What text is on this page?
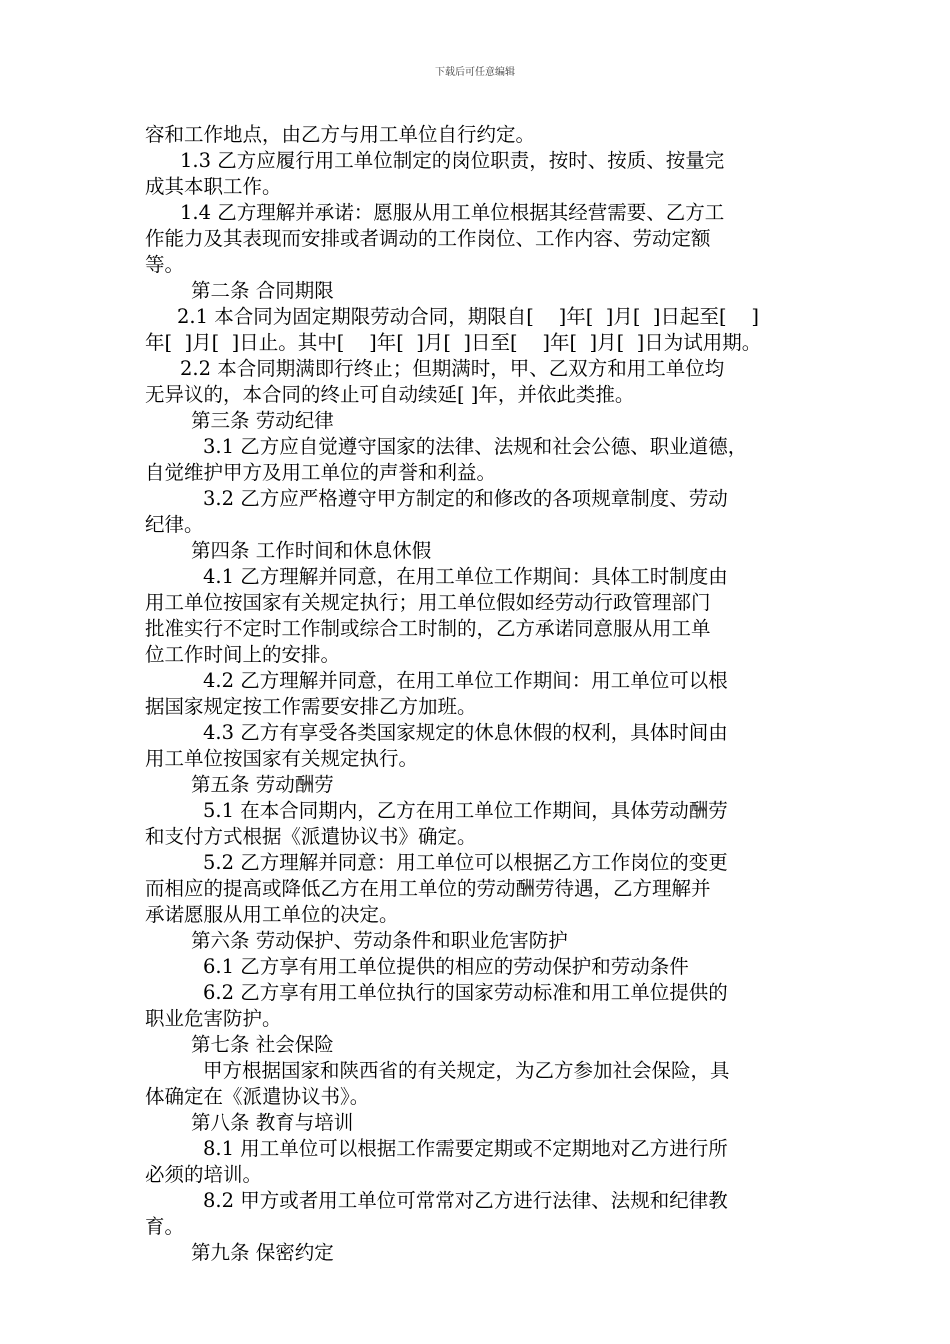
下载后可任意编辑

容和工作地点，由乙方与用工单位自行约定。

1.3 乙方应履行用工单位制定的岗位职责，按时、按质、按量完

成其本职工作。

1.4 乙方理解并承诺：愿服从用工单位根据其经营需要、乙方工

作能力及其表现而安排或者调动的工作岗位、工作内容、劳动定额

等。

第二条 合同期限

2.1 本合同为固定期限劳动合同，期限自[    ]年[  ]月[  ]日起至[    ]

年[  ]月[  ]日止。其中[    ]年[  ]月[  ]日至[    ]年[  ]月[  ]日为试用期。

2.2 本合同期满即行终止；但期满时，甲、乙双方和用工单位均

无异议的，本合同的终止可自动续延[ ]年，并依此类推。

第三条 劳动纪律

3.1 乙方应自觉遵守国家的法律、法规和社会公德、职业道德，

自觉维护甲方及用工单位的声誉和利益。

3.2 乙方应严格遵守甲方制定的和修改的各项规章制度、劳动

纪律。

第四条 工作时间和休息休假

4.1 乙方理解并同意，在用工单位工作期间：具体工时制度由

用工单位按国家有关规定执行；用工单位假如经劳动行政管理部门

批准实行不定时工作制或综合工时制的，乙方承诺同意服从用工单

位工作时间上的安排。

4.2 乙方理解并同意，在用工单位工作期间：用工单位可以根

据国家规定按工作需要安排乙方加班。

4.3 乙方有享受各类国家规定的休息休假的权利，具体时间由

用工单位按国家有关规定执行。

第五条 劳动酬劳

5.1 在本合同期内，乙方在用工单位工作期间，具体劳动酬劳

和支付方式根据《派遣协议书》确定。

5.2 乙方理解并同意：用工单位可以根据乙方工作岗位的变更

而相应的提高或降低乙方在用工单位的劳动酬劳待遇，乙方理解并

承诺愿服从用工单位的决定。

第六条 劳动保护、劳动条件和职业危害防护

6.1 乙方享有用工单位提供的相应的劳动保护和劳动条件

6.2 乙方享有用工单位执行的国家劳动标准和用工单位提供的

职业危害防护。

第七条 社会保险

甲方根据国家和陕西省的有关规定，为乙方参加社会保险，具

体确定在《派遣协议书》。

第八条 教育与培训

8.1 用工单位可以根据工作需要定期或不定期地对乙方进行所

必须的培训。

8.2 甲方或者用工单位可常常对乙方进行法律、法规和纪律教

育。

第九条 保密约定
